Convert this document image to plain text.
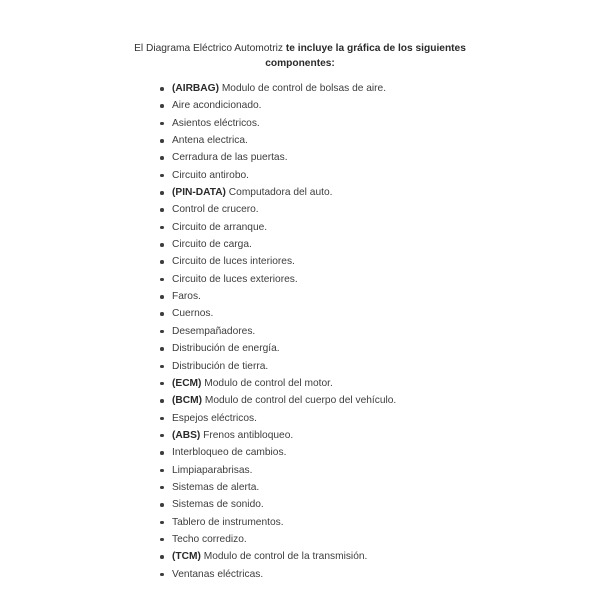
El Diagrama Eléctrico Automotriz te incluye la gráfica de los siguientes componentes:

(AIRBAG) Modulo de control de bolsas de aire.
Aire acondicionado.
Asientos eléctricos.
Antena electrica.
Cerradura de las puertas.
Circuito antirobo.
(PIN-DATA) Computadora del auto.
Control de crucero.
Circuito de arranque.
Circuito de carga.
Circuito de luces interiores.
Circuito de luces exteriores.
Faros.
Cuernos.
Desempañadores.
Distribución de energía.
Distribución de tierra.
(ECM) Modulo de control del motor.
(BCM) Modulo de control del cuerpo del vehículo.
Espejos eléctricos.
(ABS) Frenos antibloqueo.
Interbloqueo de cambios.
Limpiaparabrisas.
Sistemas de alerta.
Sistemas de sonido.
Tablero de instrumentos.
Techo corredizo.
(TCM) Modulo de control de la transmisión.
Ventanas eléctricas.
